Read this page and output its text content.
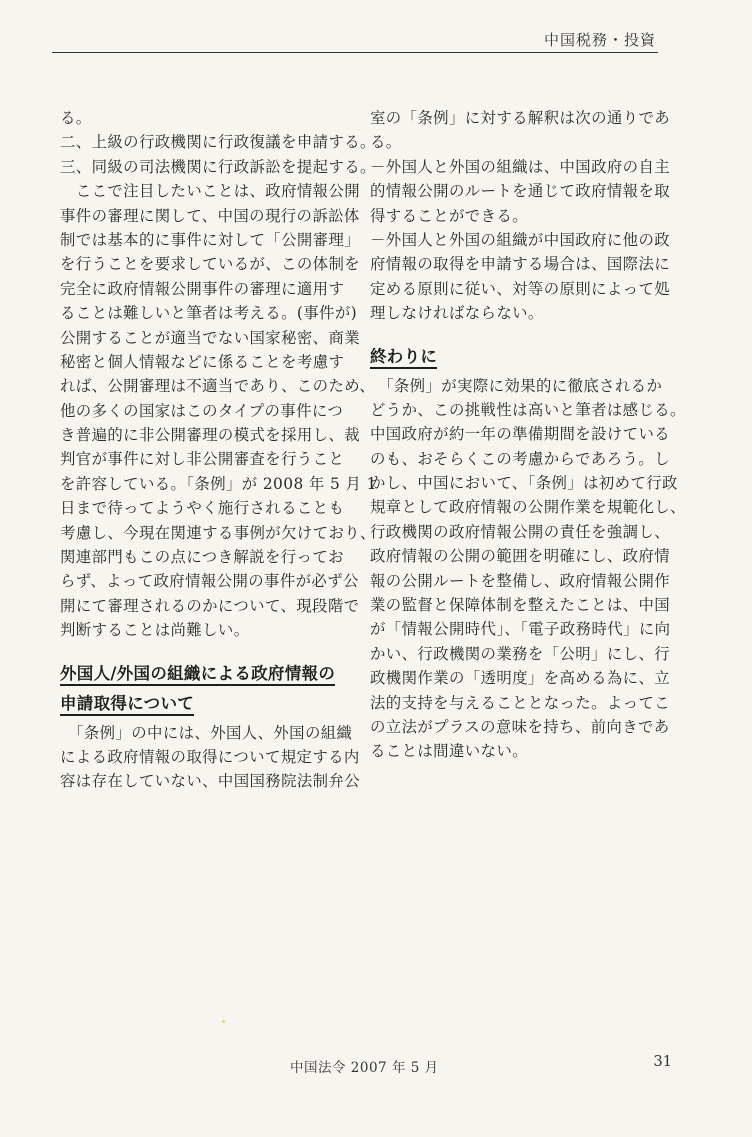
中国税務・投資
る。
二、上級の行政機関に行政復議を申請する。
三、同級の司法機関に行政訴訟を提起する。
　ここで注目したいことは、政府情報公開
事件の審理に関して、中国の現行の訴訟体
制では基本的に事件に対して「公開審理」
を行うことを要求しているが、この体制を
完全に政府情報公開事件の審理に適用す
ることは難しいと筆者は考える。(事件が)
公開することが適当でない国家秘密、商業
秘密と個人情報などに係ることを考慮す
れば、公開審理は不適当であり、このため、
他の多くの国家はこのタイプの事件につ
き普遍的に非公開審理の模式を採用し、裁
判官が事件に対し非公開審査を行うこと
を許容している。「条例」が 2008 年 5 月 1
日まで待ってようやく施行されることも
考慮し、今現在関連する事例が欠けており、
関連部門もこの点につき解説を行ってお
らず、よって政府情報公開の事件が必ず公
開にて審理されるのかについて、現段階で
判断することは尚難しい。
外国人/外国の組織による政府情報の
申請取得について
　「条例」の中には、外国人、外国の組織
による政府情報の取得について規定する内
容は存在していない、中国国務院法制弁公
室の「条例」に対する解釈は次の通りであ
る。
－外国人と外国の組織は、中国政府の自主
的情報公開のルートを通じて政府情報を取
得することができる。
－外国人と外国の組織が中国政府に他の政
府情報の取得を申請する場合は、国際法に
定める原則に従い、対等の原則によって処
理しなければならない。
終わりに
　「条例」が実際に効果的に徹底されるか
どうか、この挑戦性は高いと筆者は感じる。
中国政府が約一年の準備期間を設けている
のも、おそらくこの考慮からであろう。し
かし、中国において、「条例」は初めて行政
規章として政府情報の公開作業を規範化し、
行政機関の政府情報公開の責任を強調し、
政府情報の公開の範囲を明確にし、政府情
報の公開ルートを整備し、政府情報公開作
業の監督と保障体制を整えたことは、中国
が「情報公開時代」、「電子政務時代」に向
かい、行政機関の業務を「公明」にし、行
政機関作業の「透明度」を高める為に、立
法的支持を与えることとなった。よってこ
の立法がプラスの意味を持ち、前向きであ
ることは間違いない。
中国法令 2007 年 5 月	31
